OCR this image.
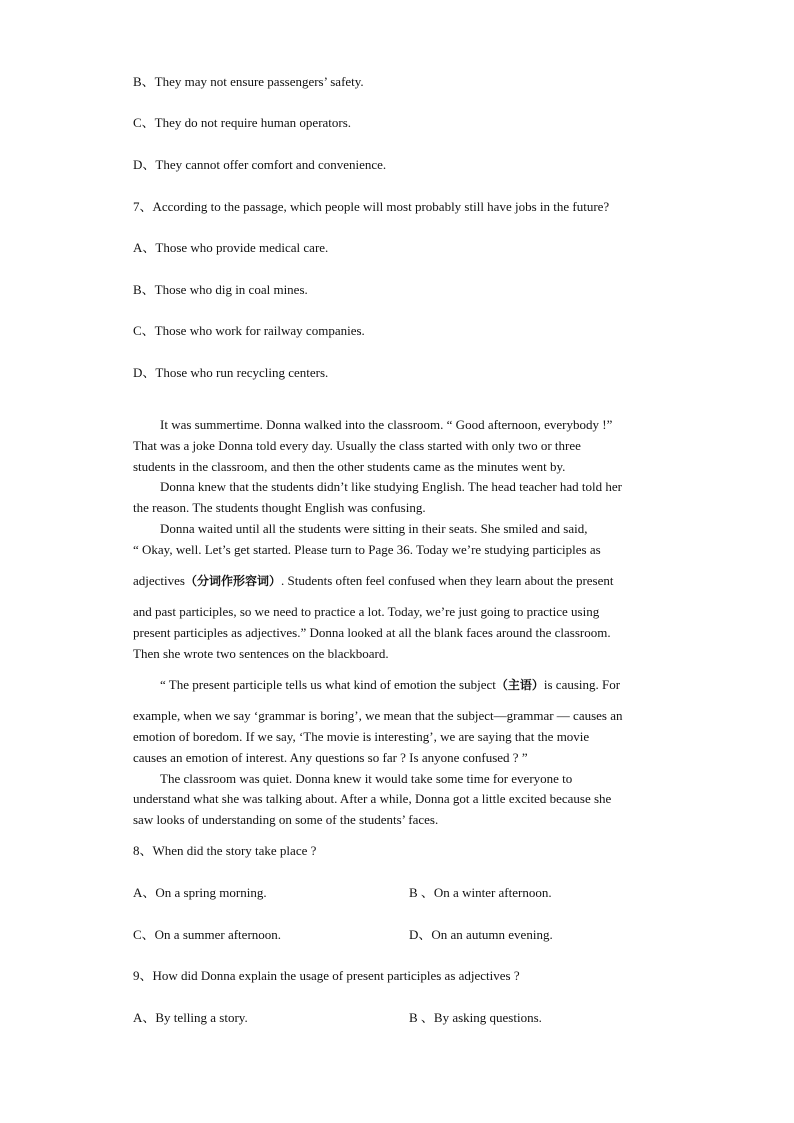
B、They may not ensure passengers’ safety.
C、They do not require human operators.
D、They cannot offer comfort and convenience.
7、According to the passage, which people will most probably still have jobs in the future?
A、Those who provide medical care.
B、Those who dig in coal mines.
C、Those who work for railway companies.
D、Those who run recycling centers.
It was summertime. Donna walked into the classroom. “ Good afternoon, everybody !”
That was a joke Donna told every day. Usually the class started with only two or three
students in the classroom, and then the other students came as the minutes went by.
Donna knew that the students didn’t like studying English. The head teacher had told her
the reason. The students thought English was confusing.
Donna waited until all the students were sitting in their seats. She smiled and said,
“ Okay, well. Let’s get started. Please turn to Page 36. Today we’re studying participles as
adjectives（分词作形容词）. Students often feel confused when they learn about the present
and past participles, so we need to practice a lot. Today, we’re just going to practice using
present participles as adjectives.” Donna looked at all the blank faces around the classroom.
Then she wrote two sentences on the blackboard.
“ The present participle tells us what kind of emotion the subject（主语）is causing. For
example, when we say ‘grammar is boring’, we mean that the subject—grammar — causes an
emotion of boredom. If we say, ‘The movie is interesting’, we are saying that the movie
causes an emotion of interest. Any questions so far ? Is anyone confused ? ”
The classroom was quiet. Donna knew it would take some time for everyone to
understand what she was talking about. After a while, Donna got a little excited because she
saw looks of understanding on some of the students’ faces.
8、When did the story take place ?
A、On a spring morning.	B 、On a winter afternoon.
C、On a summer afternoon.	D、On an autumn evening.
9、How did Donna explain the usage of present participles as adjectives ?
A、By telling a story.	B 、By asking questions.
